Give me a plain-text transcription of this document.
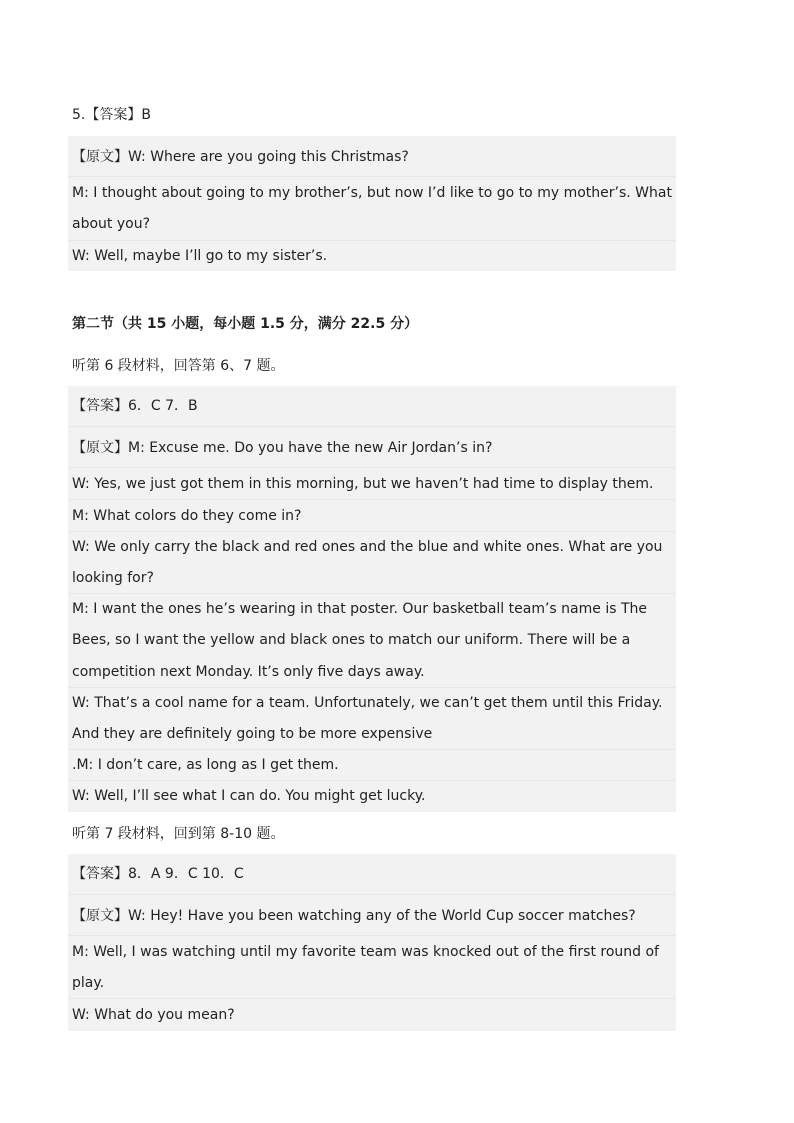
5.【答案】B
【原文】W: Where are you going this Christmas?
M: I thought about going to my brother’s, but now I’d like to go to my mother’s. What
about you?
W: Well, maybe I’ll go to my sister’s.
第二节（共 15 小题，每小题 1.5 分，满分 22.5 分）
听第 6 段材料，回答第 6、7 题。
【答案】6．C 7．B
【原文】M: Excuse me. Do you have the new Air Jordan’s in?
W: Yes, we just got them in this morning, but we haven’t had time to display them.
M: What colors do they come in?
W: We only carry the black and red ones and the blue and white ones. What are you
looking for?
M: I want the ones he’s wearing in that poster. Our basketball team’s name is The
Bees, so I want the yellow and black ones to match our uniform. There will be a
competition next Monday. It’s only five days away.
W: That’s a cool name for a team. Unfortunately, we can’t get them until this Friday.
And they are definitely going to be more expensive
.M: I don’t care, as long as I get them.
W: Well, I’ll see what I can do. You might get lucky.
听第 7 段材料，回到第 8-10 题。
【答案】8．A 9．C 10．C
【原文】W: Hey! Have you been watching any of the World Cup soccer matches?
M: Well, I was watching until my favorite team was knocked out of the first round of
play.
W: What do you mean?
